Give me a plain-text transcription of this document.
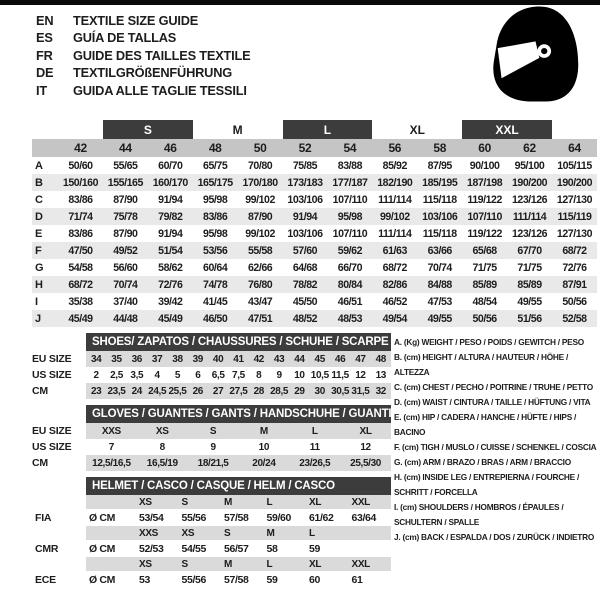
EN TEXTILE SIZE GUIDE
ES GUÍA DE TALLAS
FR GUIDE DES TAILLES TEXTILE
DE TEXTILGRÖßENFÜHRUNG
IT GUIDA ALLE TAGLIE TESSILI
		S		M		L		XL		XXL		
	42	44	46	48	50	52	54	56	58	60	62	64
A	50/60	55/65	60/70	65/75	70/80	75/85	83/88	85/92	87/95	90/100	95/100	105/115
B	150/160	155/165	160/170	165/175	170/180	173/183	177/187	182/190	185/195	187/198	190/200	190/200
C	83/86	87/90	91/94	95/98	99/102	103/106	107/110	111/114	115/118	119/122	123/126	127/130
D	71/74	75/78	79/82	83/86	87/90	91/94	95/98	99/102	103/106	107/110	111/114	115/119
E	83/86	87/90	91/94	95/98	99/102	103/106	107/110	111/114	115/118	119/122	123/126	127/130
F	47/50	49/52	51/54	53/56	55/58	57/60	59/62	61/63	63/66	65/68	67/70	68/72
G	54/58	56/60	58/62	60/64	62/66	64/68	66/70	68/72	70/74	71/75	71/75	72/76
H	68/72	70/74	72/76	74/78	76/80	78/82	80/84	82/86	84/88	85/89	85/89	87/91
I	35/38	37/40	39/42	41/45	43/47	45/50	46/51	46/52	47/53	48/54	49/55	50/56
J	45/49	44/48	45/49	46/50	47/51	48/52	48/53	49/54	49/55	50/56	51/56	52/58
	SHOES/ ZAPATOS / CHAUSSURES / SCHUHE / SCARPE														
EU SIZE	34	35	36	37	38	39	40	41	42	43	44	45	46	47	48
US SIZE	2	2,5	3,5	4	5	6	6,5	7,5	8	9	10	10,5	11,5	12	13
CM	23	23,5	24	24,5	25,5	26	27	27,5	28	28,5	29	30	30,5	31,5	32
	GLOVES / GUANTES / GANTS / HANDSCHUHE / GUANTI					
EU SIZE	XXS	XS	S	M	L	XL
US SIZE	7	8	9	10	11	12
CM	12,5/16,5	16,5/19	18/21,5	20/24	23/26,5	25,5/30
	HELMET / CASCO / CASQUE / HELM / CASCO						
		XS	S	M	L	XL	XXL
FIA	Ø CM	53/54	55/56	57/58	59/60	61/62	63/64
		XXS	XS	S	M	L	
CMR	Ø CM	52/53	54/55	56/57	58	59	
		XS	S	M	L	XL	XXL
ECE	Ø CM	53	55/56	57/58	59	60	61
A. (Kg) WEIGHT / PESO / POIDS / GEWITCH / PESO
B. (cm) HEIGHT / ALTURA / HAUTEUR / HÖHE / ALTEZZA
C. (cm) CHEST / PECHO / POITRINE / TRUHE / PETTO
D. (cm) WAIST / CINTURA / TAILLE / HÜFTUNG / VITA
E. (cm) HIP / CADERA / HANCHE / HÜFTE / HIPS / BACINO
F. (cm) TIGH / MUSLO / CUISSE / SCHENKEL / COSCIA
G. (cm) ARM / BRAZO / BRAS / ARM / BRACCIO
H. (cm) INSIDE LEG / ENTREPIERNA / FOURCHE / SCHRITT / FORCELLA
I. (cm) SHOULDERS / HOMBROS / ÉPAULES / SCHULTERN / SPALLE
J. (cm) BACK / ESPALDA / DOS / ZURÜCK / INDIETRO
